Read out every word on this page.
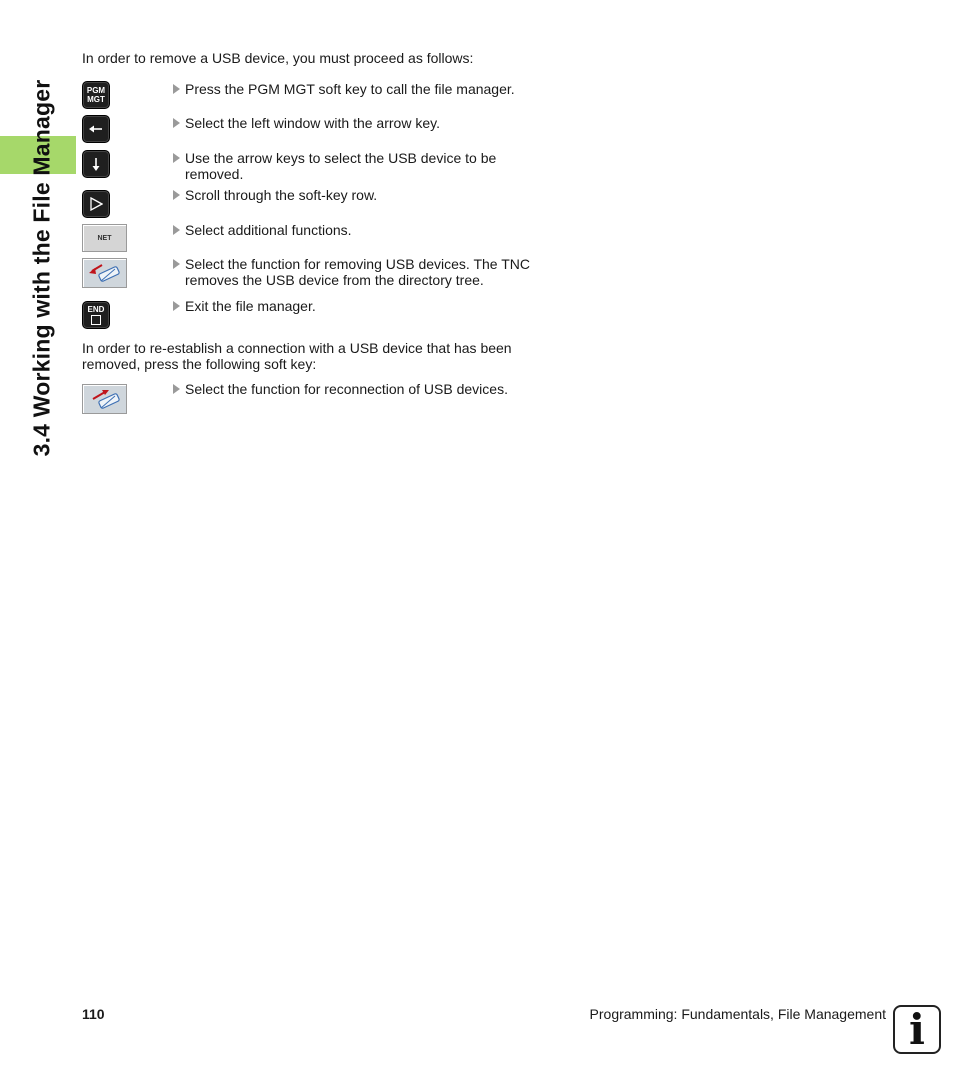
3.4 Working with the File Manager
In order to remove a USB device, you must proceed as follows:
PGM MGT
Press the PGM MGT soft key to call the file manager.
Select the left window with the arrow key.
Use the arrow keys to select the USB device to be removed.
Scroll through the soft-key row.
NET	Select additional functions.
Select the function for removing USB devices. The TNC removes the USB device from the directory tree.
END	Exit the file manager.
In order to re-establish a connection with a USB device that has been removed, press the following soft key:
Select the function for reconnection of USB devices.
110	Programming: Fundamentals, File Management i
